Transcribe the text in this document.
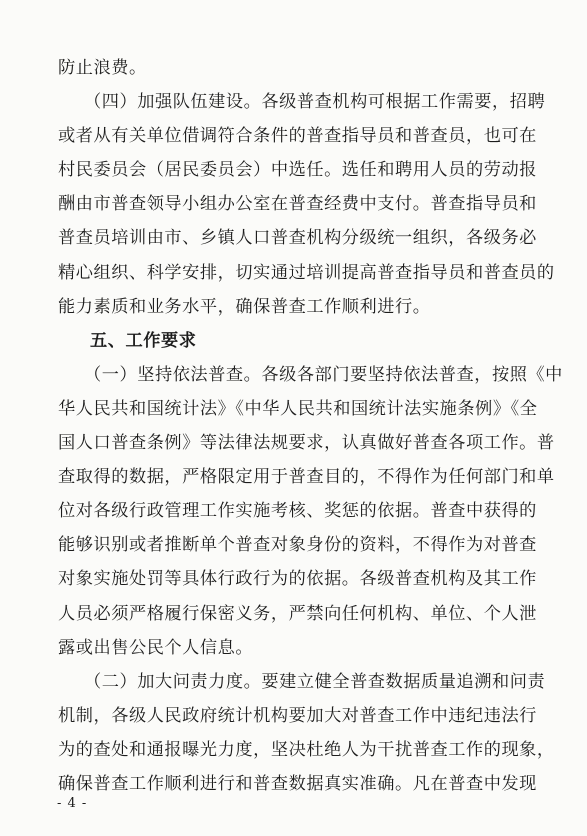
防止浪费。
（四）加强队伍建设。各级普查机构可根据工作需要，招聘
或者从有关单位借调符合条件的普查指导员和普查员，也可在
村民委员会（居民委员会）中选任。选任和聘用人员的劳动报
酬由市普查领导小组办公室在普查经费中支付。普查指导员和
普查员培训由市、乡镇人口普查机构分级统一组织，各级务必
精心组织、科学安排，切实通过培训提高普查指导员和普查员的
能力素质和业务水平，确保普查工作顺利进行。
五、工作要求
（一）坚持依法普查。各级各部门要坚持依法普查，按照《中
华人民共和国统计法》《中华人民共和国统计法实施条例》《全
国人口普查条例》等法律法规要求，认真做好普查各项工作。普
查取得的数据，严格限定用于普查目的，不得作为任何部门和单
位对各级行政管理工作实施考核、奖惩的依据。普查中获得的
能够识别或者推断单个普查对象身份的资料，不得作为对普查
对象实施处罚等具体行政行为的依据。各级普查机构及其工作
人员必须严格履行保密义务，严禁向任何机构、单位、个人泄
露或出售公民个人信息。
（二）加大问责力度。要建立健全普查数据质量追溯和问责
机制，各级人民政府统计机构要加大对普查工作中违纪违法行
为的查处和通报曝光力度，坚决杜绝人为干扰普查工作的现象，
确保普查工作顺利进行和普查数据真实准确。凡在普查中发现
- 4 -
